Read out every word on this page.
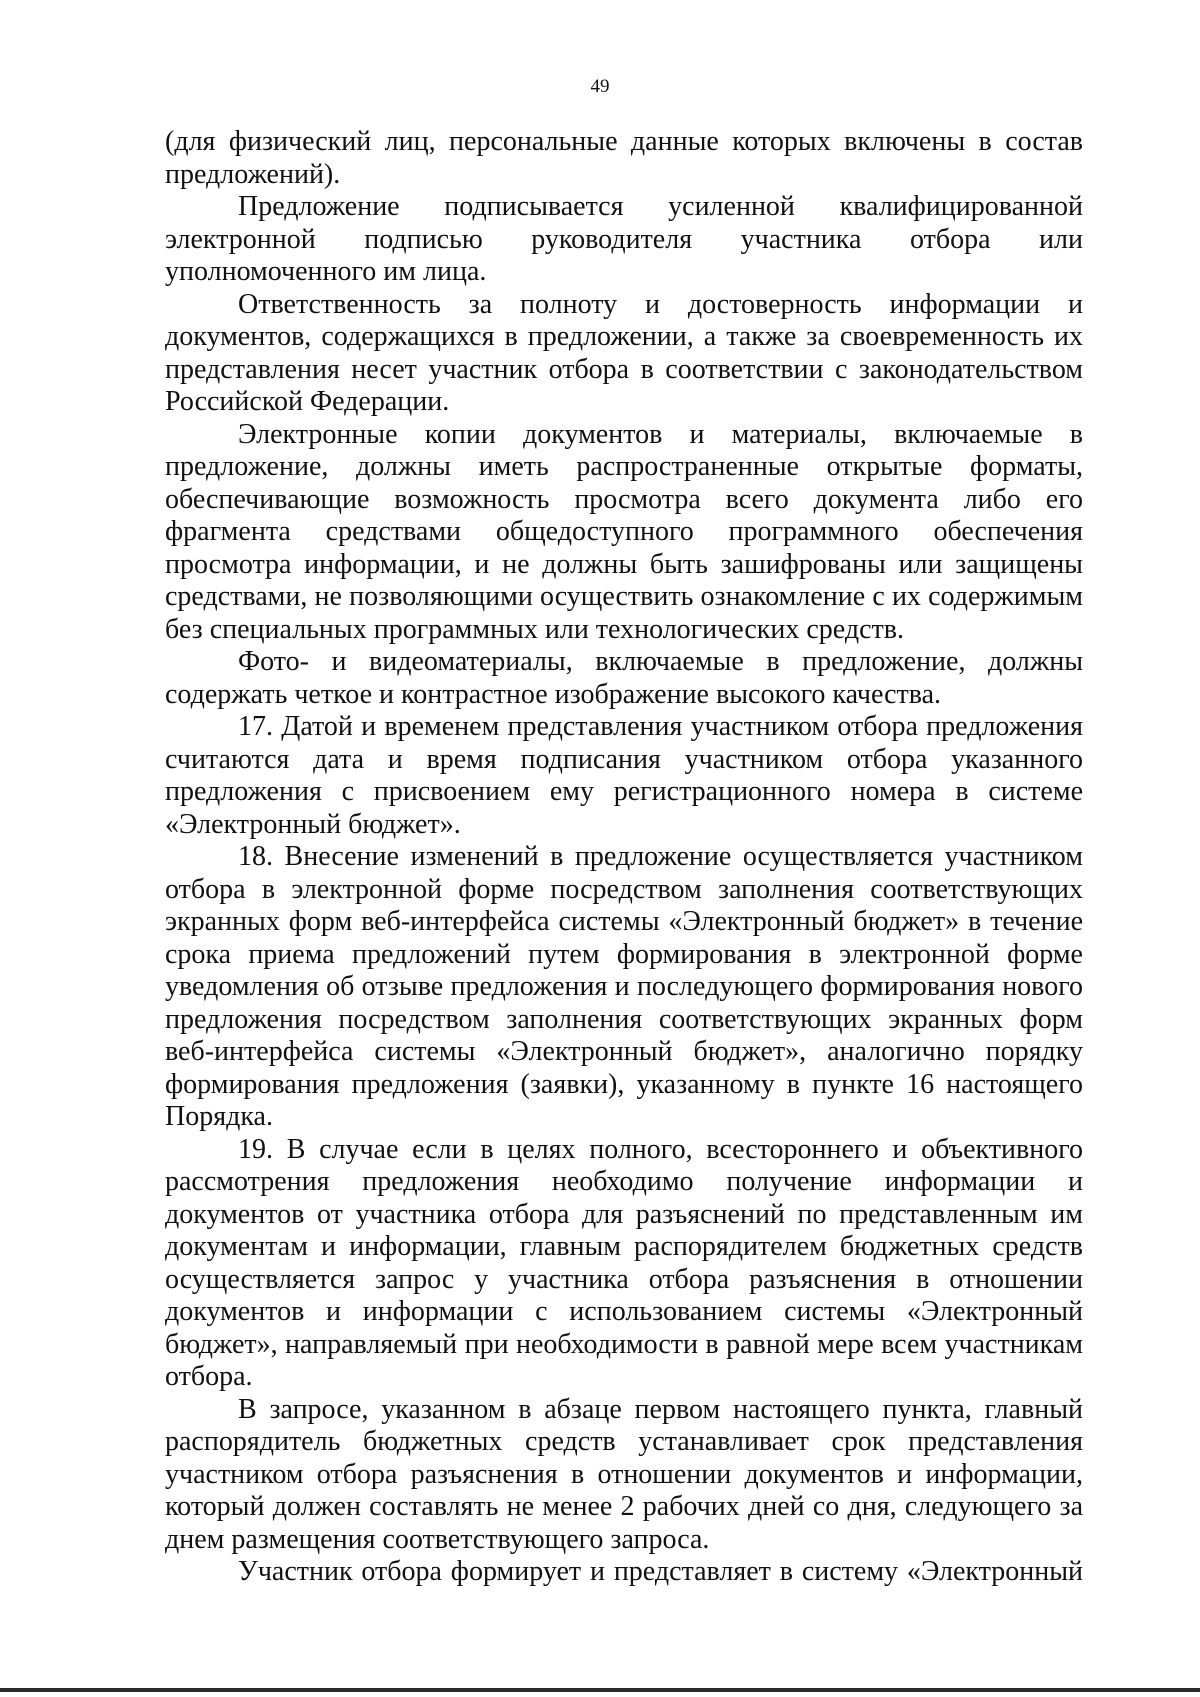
49

(для физический лиц, персональные данные которых включены в состав предложений).

Предложение подписывается усиленной квалифицированной электронной подписью руководителя участника отбора или уполномоченного им лица.

Ответственность за полноту и достоверность информации и документов, содержащихся в предложении, а также за своевременность их представления несет участник отбора в соответствии с законодательством Российской Федерации.

Электронные копии документов и материалы, включаемые в предложение, должны иметь распространенные открытые форматы, обеспечивающие возможность просмотра всего документа либо его фрагмента средствами общедоступного программного обеспечения просмотра информации, и не должны быть зашифрованы или защищены средствами, не позволяющими осуществить ознакомление с их содержимым без специальных программных или технологических средств.

Фото- и видеоматериалы, включаемые в предложение, должны содержать четкое и контрастное изображение высокого качества.

17. Датой и временем представления участником отбора предложения считаются дата и время подписания участником отбора указанного предложения с присвоением ему регистрационного номера в системе «Электронный бюджет».

18. Внесение изменений в предложение осуществляется участником отбора в электронной форме посредством заполнения соответствующих экранных форм веб-интерфейса системы «Электронный бюджет» в течение срока приема предложений путем формирования в электронной форме уведомления об отзыве предложения и последующего формирования нового предложения посредством заполнения соответствующих экранных форм веб-интерфейса системы «Электронный бюджет», аналогично порядку формирования предложения (заявки), указанному в пункте 16 настоящего Порядка.

19. В случае если в целях полного, всестороннего и объективного рассмотрения предложения необходимо получение информации и документов от участника отбора для разъяснений по представленным им документам и информации, главным распорядителем бюджетных средств осуществляется запрос у участника отбора разъяснения в отношении документов и информации с использованием системы «Электронный бюджет», направляемый при необходимости в равной мере всем участникам отбора.

В запросе, указанном в абзаце первом настоящего пункта, главный распорядитель бюджетных средств устанавливает срок представления участником отбора разъяснения в отношении документов и информации, который должен составлять не менее 2 рабочих дней со дня, следующего за днем размещения соответствующего запроса.

Участник отбора формирует и представляет в систему «Электронный
